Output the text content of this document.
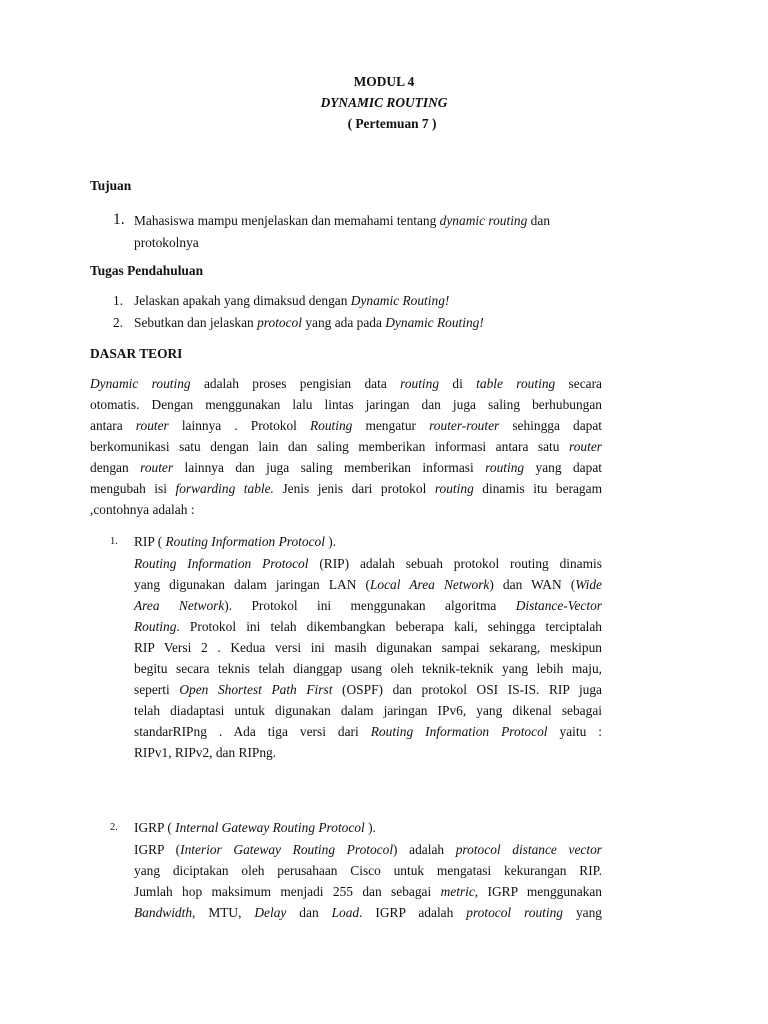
MODUL 4
DYNAMIC ROUTING
( Pertemuan 7 )
Tujuan
1. Mahasiswa mampu menjelaskan dan memahami tentang dynamic routing dan
protokolnya
Tugas Pendahuluan
1. Jelaskan apakah yang dimaksud dengan Dynamic Routing!
2. Sebutkan dan jelaskan protocol yang ada pada Dynamic Routing!
DASAR TEORI
Dynamic routing adalah proses pengisian data routing di table routing secara
otomatis. Dengan menggunakan lalu lintas jaringan dan juga saling berhubungan
antara router lainnya . Protokol Routing mengatur router-router sehingga dapat
berkomunikasi satu dengan lain dan saling memberikan informasi antara satu router
dengan router lainnya dan juga saling memberikan informasi routing yang dapat
mengubah isi forwarding table. Jenis jenis dari protokol routing dinamis itu beragam
,contohnya adalah :
1. RIP ( Routing Information Protocol ).
Routing Information Protocol (RIP) adalah sebuah protokol routing dinamis
yang digunakan dalam jaringan LAN (Local Area Network) dan WAN (Wide
Area Network). Protokol ini menggunakan algoritma Distance-Vector
Routing. Protokol ini telah dikembangkan beberapa kali, sehingga terciptalah
RIP Versi 2 . Kedua versi ini masih digunakan sampai sekarang, meskipun
begitu secara teknis telah dianggap usang oleh teknik-teknik yang lebih maju,
seperti Open Shortest Path First (OSPF) dan protokol OSI IS-IS. RIP juga
telah diadaptasi untuk digunakan dalam jaringan IPv6, yang dikenal sebagai
standarRIPng . Ada tiga versi dari Routing Information Protocol yaitu :
RIPv1, RIPv2, dan RIPng.
2. IGRP ( Internal Gateway Routing Protocol ).
IGRP (Interior Gateway Routing Protocol) adalah protocol distance vector
yang diciptakan oleh perusahaan Cisco untuk mengatasi kekurangan RIP.
Jumlah hop maksimum menjadi 255 dan sebagai metric, IGRP menggunakan
Bandwidth, MTU, Delay dan Load. IGRP adalah protocol routing yang
